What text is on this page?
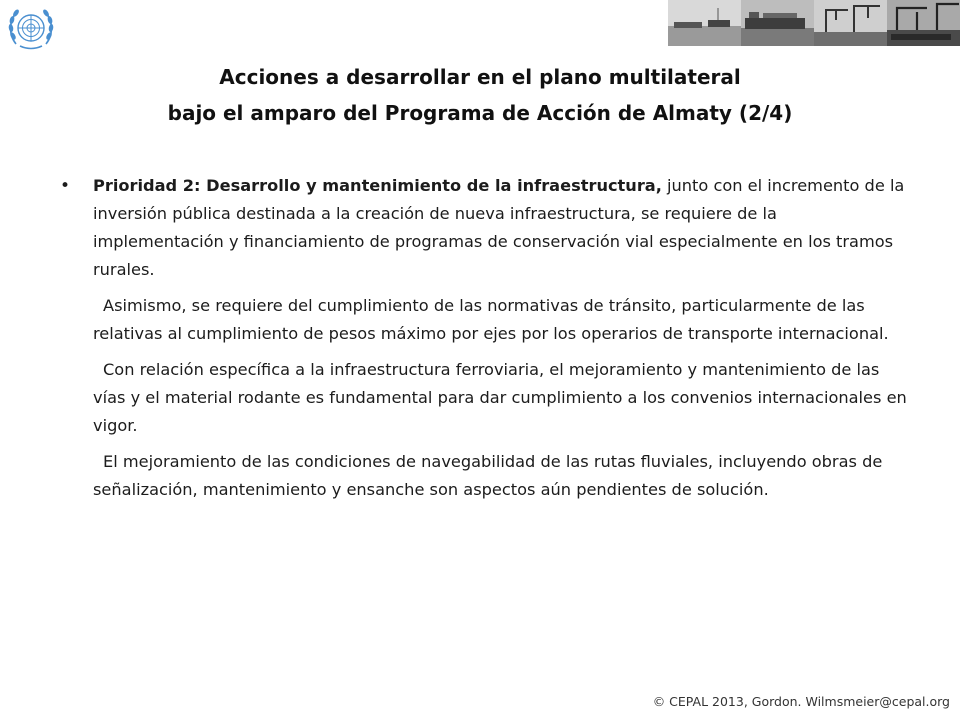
Acciones a desarrollar en el plano multilateral
bajo el amparo del Programa de Acción de Almaty (2/4)

• Prioridad 2: Desarrollo y mantenimiento de la infraestructura, junto con el incremento de la inversión pública destinada a la creación de nueva infraestructura, se requiere de la implementación y financiamiento de programas de conservación vial especialmente en los tramos rurales.

Asimismo, se requiere del cumplimiento de las normativas de tránsito, particularmente de las relativas al cumplimiento de pesos máximo por ejes por los operarios de transporte internacional.

Con relación específica a la infraestructura ferroviaria, el mejoramiento y mantenimiento de las vías y el material rodante es fundamental para dar cumplimiento a los convenios internacionales en vigor.

El mejoramiento de las condiciones de navegabilidad de las rutas fluviales, incluyendo obras de señalización, mantenimiento y ensanche son aspectos aún pendientes de solución.

© CEPAL 2013, Gordon. Wilmsmeier@cepal.org
